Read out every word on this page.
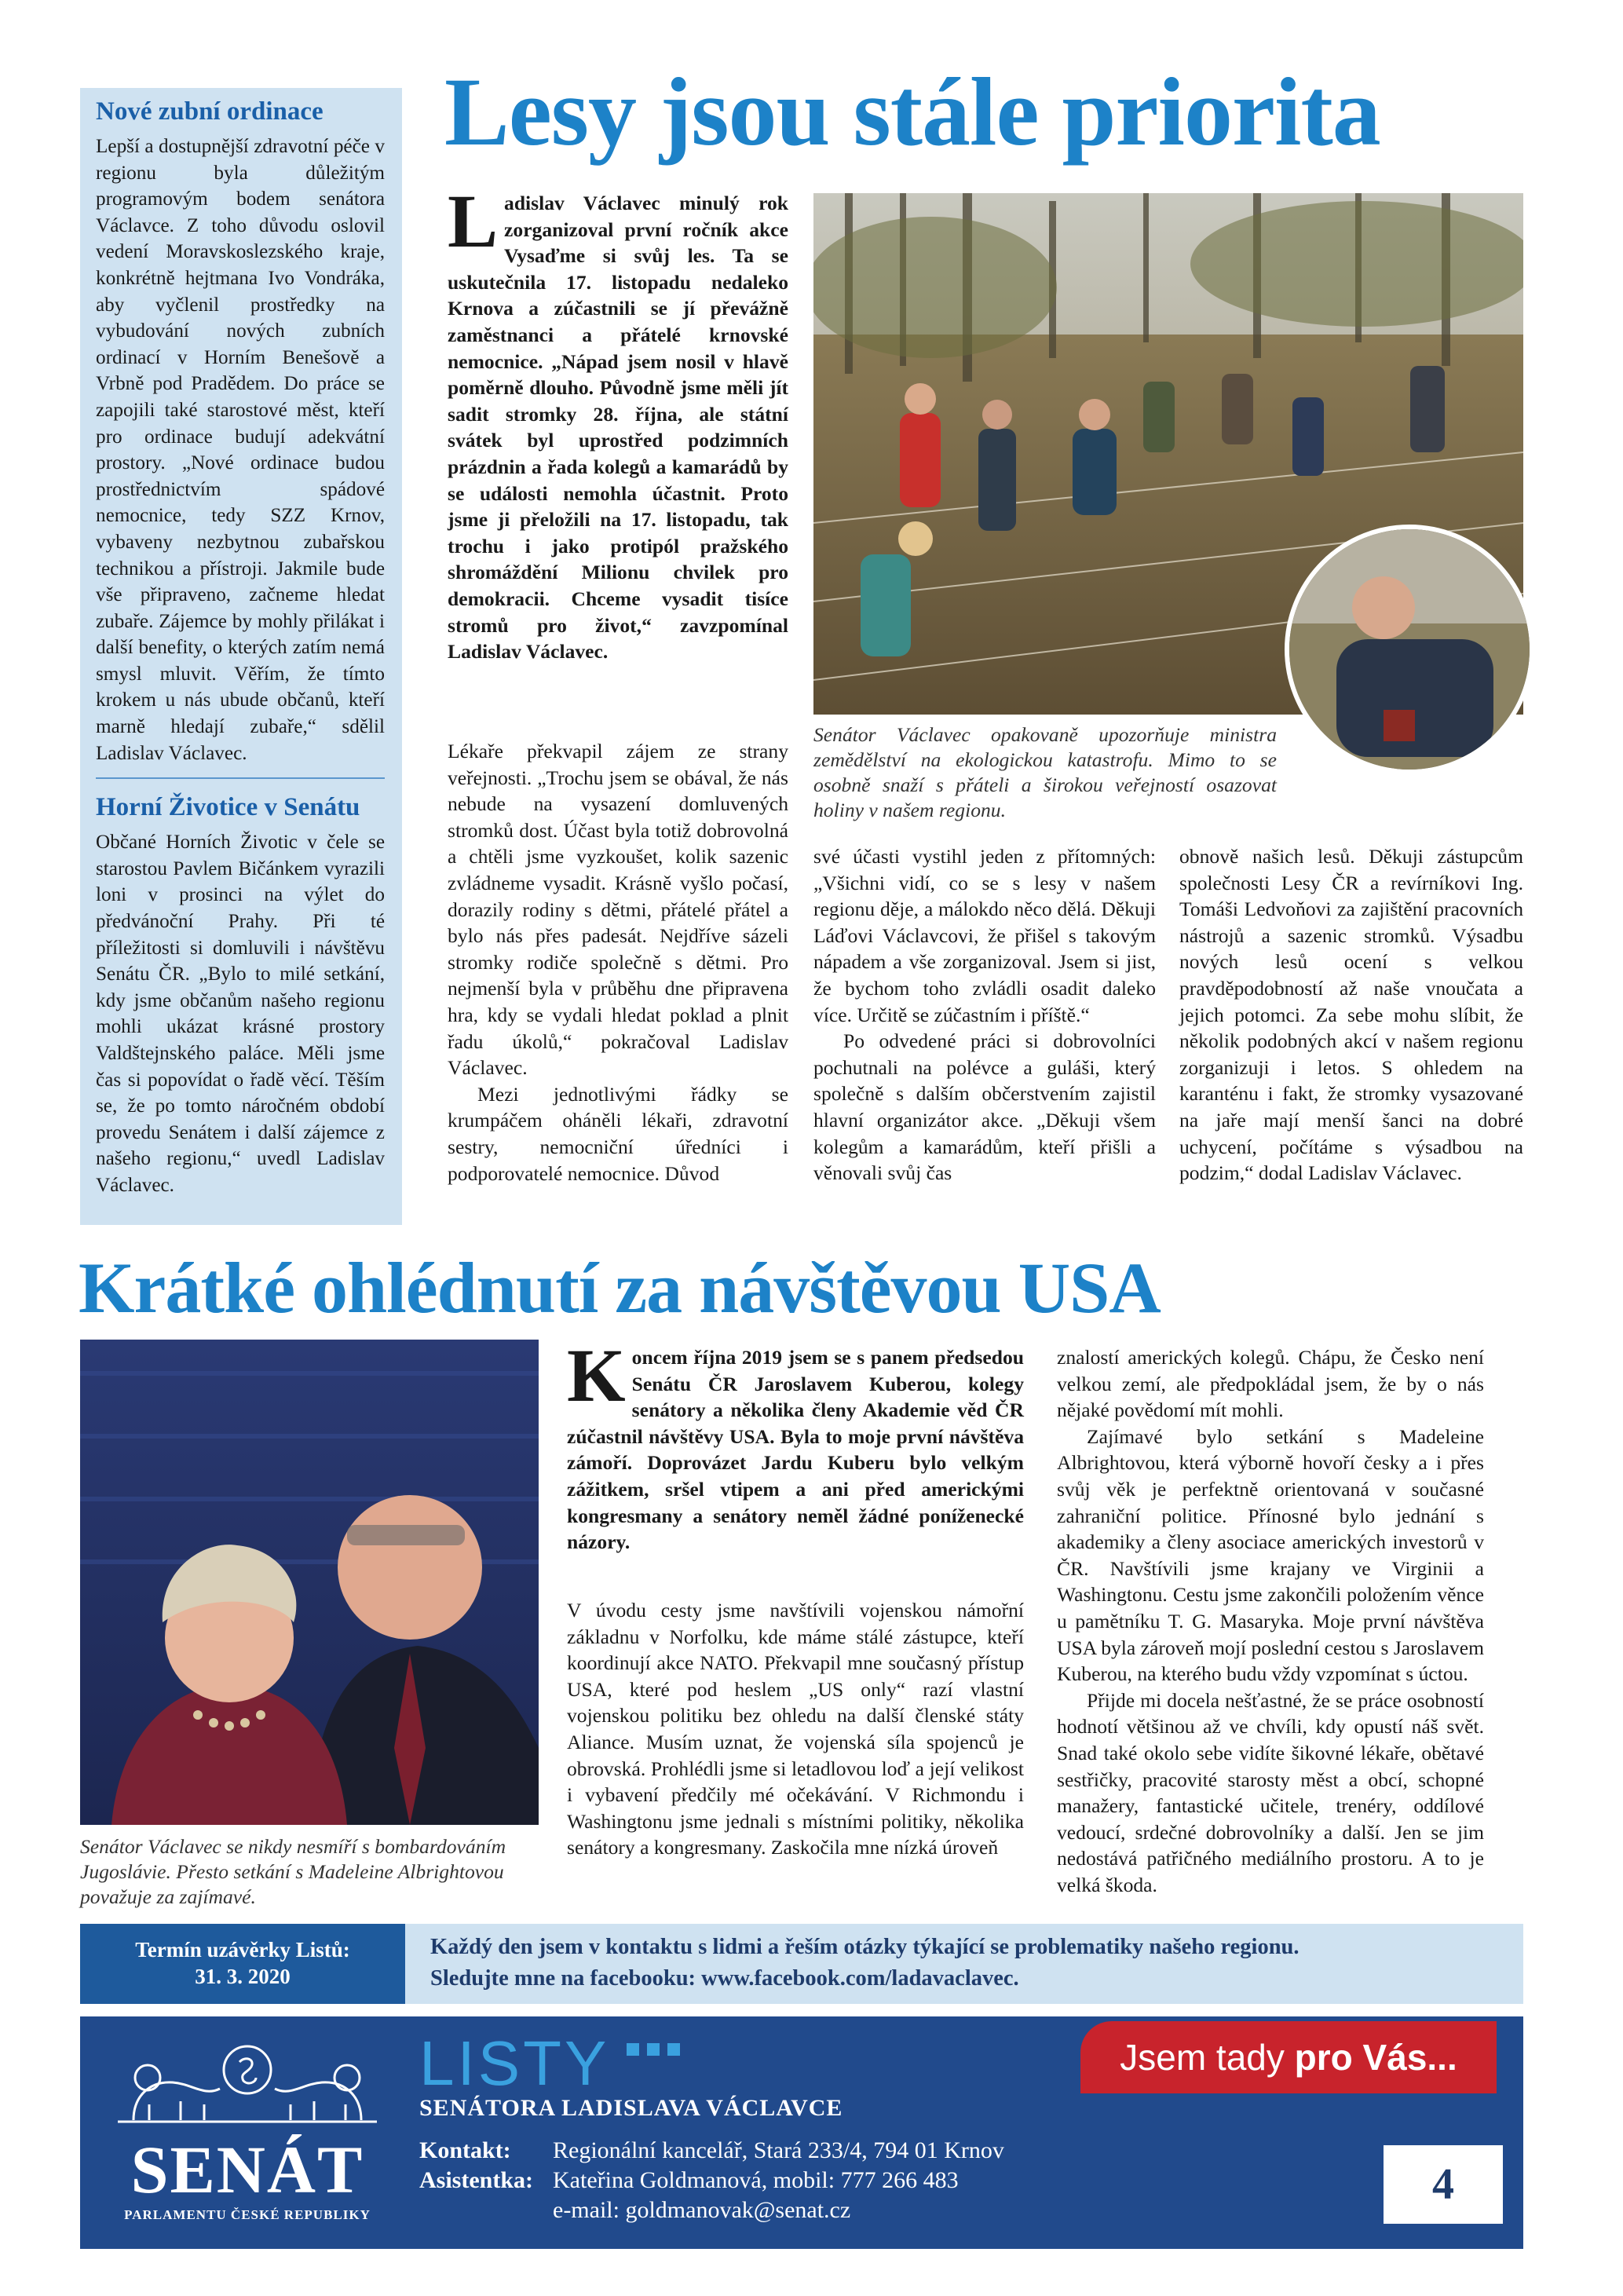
Nové zubní ordinace
Lepší a dostupnější zdravotní péče v regionu byla důležitým programovým bodem senátora Václavce. Z toho důvodu oslovil vedení Moravskoslezského kraje, konkrétně hejtmana Ivo Vondráka, aby vyčlenil prostředky na vybudování nových zubních ordinací v Horním Benešově a Vrbně pod Pradědem. Do práce se zapojili také starostové měst, kteří pro ordinace budují adekvátní prostory. „Nové ordinace budou prostřednictvím spádové nemocnice, tedy SZZ Krnov, vybaveny nezbytnou zubařskou technikou a přístroji. Jakmile bude vše připraveno, začneme hledat zubaře. Zájemce by mohly přilákat i další benefity, o kterých zatím nemá smysl mluvit. Věřím, že tímto krokem u nás ubude občanů, kteří marně hledají zubaře,“ sdělil Ladislav Václavec.
Horní Životice v Senátu
Občané Horních Životic v čele se starostou Pavlem Bičánkem vyrazili loni v prosinci na výlet do předvánoční Prahy. Při té příležitosti si domluvili i návštěvu Senátu ČR. „Bylo to milé setkání, kdy jsme občanům našeho regionu mohli ukázat krásné prostory Valdštejnského paláce. Měli jsme čas si popovídat o řadě věcí. Těším se, že po tomto náročném období provedu Senátem i další zájemce z našeho regionu,“ uvedl Ladislav Václavec.
Lesy jsou stále priorita
Ladislav Václavec minulý rok zorganizoval první ročník akce Vysaďme si svůj les. Ta se uskutečnila 17. listopadu nedaleko Krnova a zúčastnili se jí převážně zaměstnanci a přátelé krnovské nemocnice. „Nápad jsem nosil v hlavě poměrně dlouho. Původně jsme měli jít sadit stromky 28. října, ale státní svátek byl uprostřed podzimních prázdnin a řada kolegů a kamarádů by se události nemohla účastnit. Proto jsme ji přeložili na 17. listopadu, tak trochu i jako protipól pražského shromáždění Milionu chvilek pro demokracii. Chceme vysadit tisíce stromů pro život,“ zavzpomínal Ladislav Václavec.
Senátor Václavec opakovaně upozorňuje ministra zemědělství na ekologickou katastrofu. Mimo to se osobně snaží s přáteli a širokou veřejností osazovat holiny v našem regionu.

Lékaře překvapil zájem ze strany veřejnosti. „Trochu jsem se obával, že nás nebude na vysazení domluvených stromků dost. Účast byla totiž dobrovolná a chtěli jsme vyzkoušet, kolik sazenic zvládneme vysadit. Krásně vyšlo počasí, dorazily rodiny s dětmi, přátelé přátel a bylo nás přes padesát. Nejdříve sázeli stromky rodiče společně s dětmi. Pro nejmenší byla v průběhu dne připravena hra, kdy se vydali hledat poklad a plnit řadu úkolů,“ pokračoval Ladislav Václavec.

Mezi jednotlivými řádky se krumpáčem oháněli lékaři, zdravotní sestry, nemocniční úředníci i podporovatelé nemocnice. Důvod

své účasti vystihl jeden z přítomných: „Všichni vidí, co se s lesy v našem regionu děje, a málokdo něco dělá. Děkuji Láďovi Václavcovi, že přišel s takovým nápadem a vše zorganizoval. Jsem si jist, že bychom toho zvládli osadit daleko více. Určitě se zúčastním i příště.“

Po odvedené práci si dobrovolníci pochutnali na polévce a guláši, který společně s dalším občerstvením zajistil hlavní organizátor akce. „Děkuji všem kolegům a kamarádům, kteří přišli a věnovali svůj čas

obnově našich lesů. Děkuji zástupcům společnosti Lesy ČR a revírníkovi Ing. Tomáši Ledvoňovi za zajištění pracovních nástrojů a sazenic stromků. Výsadbu nových lesů ocení s velkou pravděpodobností až naše vnoučata a jejich potomci. Za sebe mohu slíbit, že několik podobných akcí v našem regionu zorganizuji i letos. S ohledem na karanténu i fakt, že stromky vysazované na jaře mají menší šanci na dobré uchycení, počítáme s výsadbou na podzim,“ dodal Ladislav Václavec.

Krátké ohlédnutí za návštěvou USA
Senátor Václavec se nikdy nesmíří s bombardováním Jugoslávie. Přesto setkání s Madeleine Albrightovou považuje za zajímavé.
Koncem října 2019 jsem se s panem předsedou Senátu ČR Jaroslavem Kuberou, kolegy senátory a několika členy Akademie věd ČR zúčastnil návštěvy USA. Byla to moje první návštěva zámoří. Doprovázet Jardu Kuberu bylo velkým zážitkem, sršel vtipem a ani před americkými kongresmany a senátory neměl žádné poníženecké názory.

V úvodu cesty jsme navštívili vojenskou námořní základnu v Norfolku, kde máme stálé zástupce, kteří koordinují akce NATO. Překvapil mne současný přístup USA, které pod heslem „US only“ razí vlastní vojenskou politiku bez ohledu na další členské státy Aliance. Musím uznat, že vojenská síla spojenců je obrovská. Prohlédli jsme si letadlovou loď a její velikost i vybavení předčily mé očekávání. V Richmondu i Washingtonu jsme jednali s místními politiky, několika senátory a kongresmany. Zaskočila mne nízká úroveň

znalostí amerických kolegů. Chápu, že Česko není velkou zemí, ale předpokládal jsem, že by o nás nějaké povědomí mít mohli.

Zajímavé bylo setkání s Madeleine Albrightovou, která výborně hovoří česky a i přes svůj věk je perfektně orientovaná v současné zahraniční politice. Přínosné bylo jednání s akademiky a členy asociace amerických investorů v ČR. Navštívili jsme krajany ve Virginii a Washingtonu. Cestu jsme zakončili položením věnce u pamětníku T. G. Masaryka. Moje první návštěva USA byla zároveň mojí poslední cestou s Jaroslavem Kuberou, na kterého budu vždy vzpomínat s úctou.

Přijde mi docela nešťastné, že se práce osobností hodnotí většinou až ve chvíli, kdy opustí náš svět. Snad také okolo sebe vidíte šikovné lékaře, obětavé sestřičky, pracovité starosty měst a obcí, schopné manažery, fantastické učitele, trenéry, oddílové vedoucí, srdečné dobrovolníky a další. Jen se jim nedostává patřičného mediálního prostoru. A to je velká škoda.

Termín uzávěrky Listů:
31. 3. 2020
Každý den jsem v kontaktu s lidmi a řeším otázky týkající se problematiky našeho regionu.
Sledujte mne na facebooku: www.facebook.com/ladavaclavec.
SENÁT
PARLAMENTU ČESKÉ REPUBLIKY
LISTY
SENÁTORA LADISLAVA VÁCLAVCE
Jsem tady pro Vás...
Kontakt:	Regionální kancelář, Stará 233/4, 794 01 Krnov
Asistentka: Kateřina Goldmanová, mobil: 777 266 483
e-mail: goldmanovak@senat.cz
4
